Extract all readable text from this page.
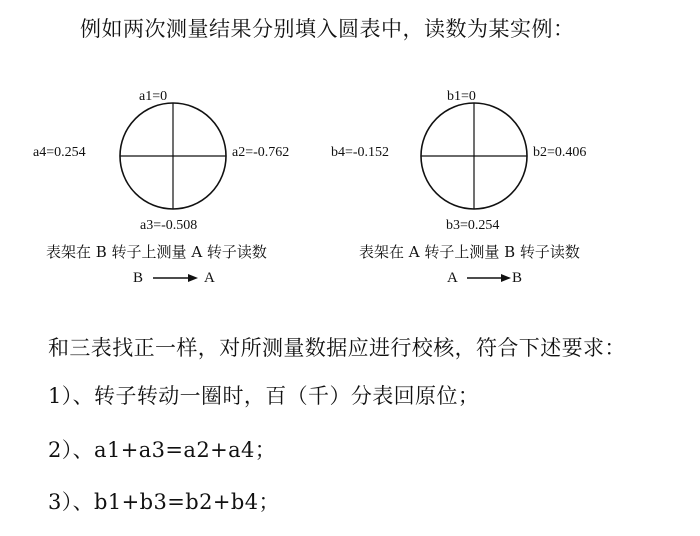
例如两次测量结果分别填入圆表中，读数为某实例：
a1=0
a2=-0.762
a3=-0.508
a4=0.254
表架在 B 转子上测量 A 转子读数
B	A
b1=0
b2=0.406
b3=0.254
b4=-0.152
表架在 A 转子上测量 B 转子读数
A	B
和三表找正一样，对所测量数据应进行校核，符合下述要求：
1）、转子转动一圈时，百（千）分表回原位；
2）、a1+a3=a2+a4；
3）、b1+b3=b2+b4；
